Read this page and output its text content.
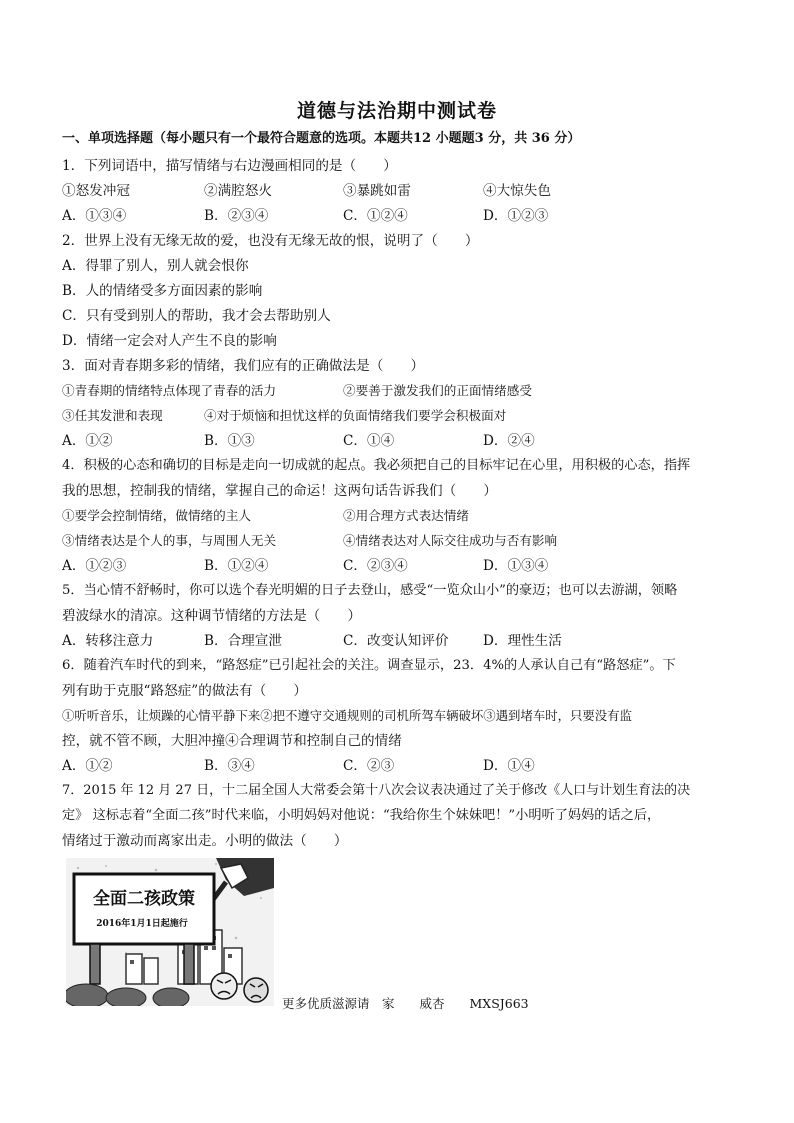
道德与法治期中测试卷
一、单项选择题（每小题只有一个最符合题意的选项。本题共12 小题题3 分，共 36 分）
1．下列词语中，描写情绪与右边漫画相同的是（　　）
①怒发冲冠	②满腔怒火	③暴跳如雷	④大惊失色
A．①③④	B．②③④	C．①②④	D．①②③
2．世界上没有无缘无故的爱，也没有无缘无故的恨，说明了（　　）
A．得罪了别人，别人就会恨你
B．人的情绪受多方面因素的影响
C．只有受到别人的帮助，我才会去帮助别人
D．情绪一定会对人产生不良的影响
3．面对青春期多彩的情绪，我们应有的正确做法是（　　）
①青春期的情绪特点体现了青春的活力	②要善于激发我们的正面情绪感受
③任其发泄和表现	④对于烦恼和担忧这样的负面情绪我们要学会积极面对
A．①②	B．①③	C．①④	D．②④
4．积极的心态和确切的目标是走向一切成就的起点。我必须把自己的目标牢记在心里，用积极的心态，指挥
我的思想，控制我的情绪，掌握自己的命运！这两句话告诉我们（　　）
①要学会控制情绪，做情绪的主人	②用合理方式表达情绪
③情绪表达是个人的事，与周围人无关	④情绪表达对人际交往成功与否有影响
A．①②③	B．①②④	C．②③④	D．①③④
5．当心情不舒畅时，你可以选个春光明媚的日子去登山，感受“一览众山小”的豪迈；也可以去游湖，领略
碧波绿水的清凉。这种调节情绪的方法是（　　）
A．转移注意力	B．合理宣泄	C．改变认知评价	D．理性生活
6．随着汽车时代的到来，“路怒症”已引起社会的关注。调查显示，23．4%的人承认自己有“路怒症”。下
列有助于克服“路怒症”的做法有（　　）
①听听音乐，让烦躁的心情平静下来②把不遵守交通规则的司机所驾车辆破坏③遇到堵车时，只要没有监
控，就不管不顾，大胆冲撞④合理调节和控制自己的情绪
A．①②	B．③④	C．②③	D．①④
7．2015 年 12 月 27 日，十二届全国人大常委会第十八次会议表决通过了关于修改《人口与计划生育法的决
定》 这标志着“全面二孩”时代来临，小明妈妈对他说：“我给你生个妹妹吧！”小明听了妈妈的话之后，
情绪过于激动而离家出走。小明的做法（　　）
全面二孩政策
2016年1月1日起施行
更多优质滋源请　家　　威杏　　MXSJ663
